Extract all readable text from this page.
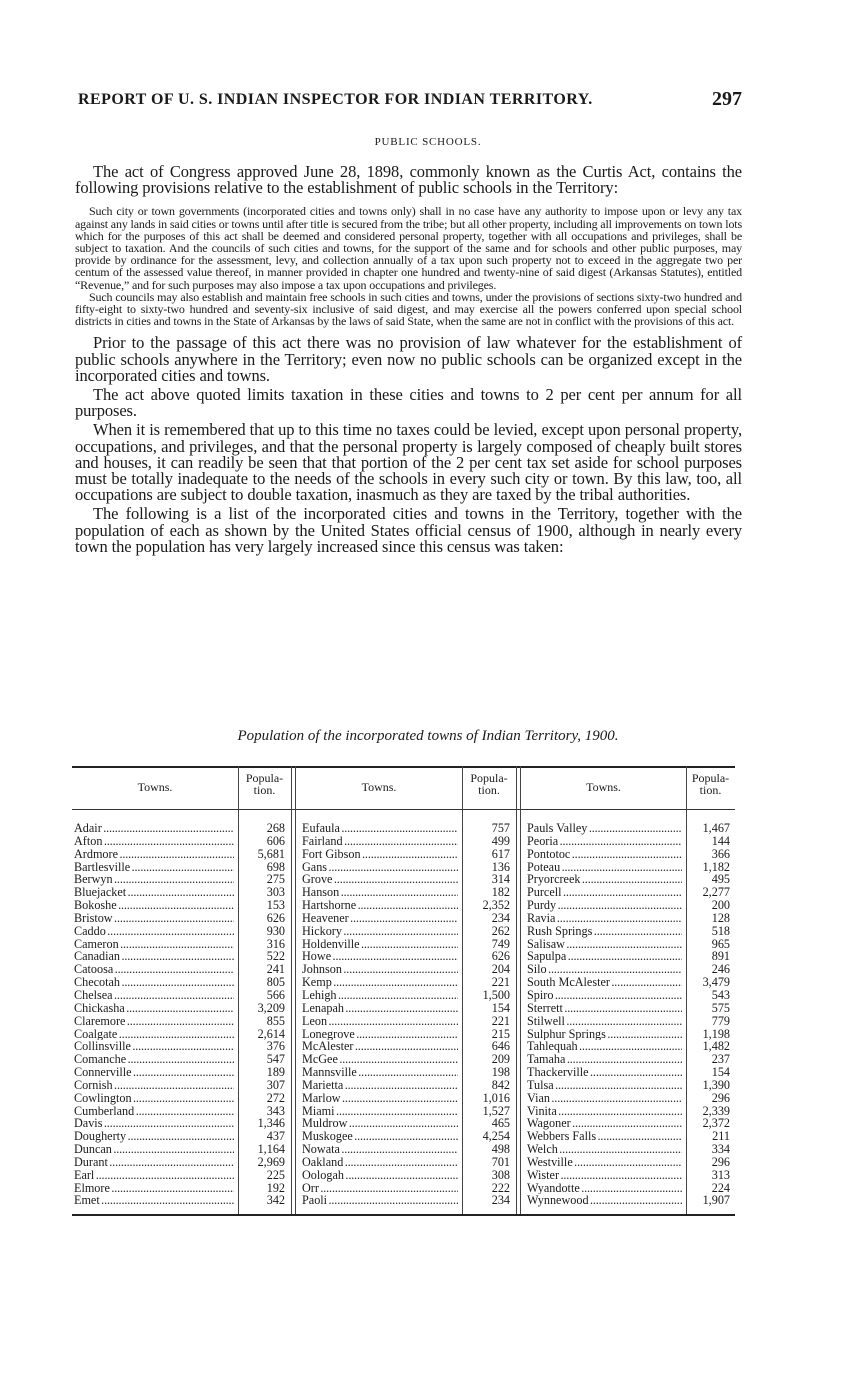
REPORT OF U. S. INDIAN INSPECTOR FOR INDIAN TERRITORY.	297
PUBLIC SCHOOLS.

The act of Congress approved June 28, 1898, commonly known as the Curtis Act, contains the following provisions relative to the establishment of public schools in the Territory:

Such city or town governments (incorporated cities and towns only) shall in no case have any authority to impose upon or levy any tax against any lands in said cities or towns until after title is secured from the tribe; but all other property, including all improvements on town lots which for the purposes of this act shall be deemed and considered personal property, together with all occupations and privileges, shall be subject to taxation. And the councils of such cities and towns, for the support of the same and for schools and other public purposes, may provide by ordinance for the assessment, levy, and collection annually of a tax upon such property not to exceed in the aggregate two per centum of the assessed value thereof, in manner provided in chapter one hundred and twenty-nine of said digest (Arkansas Statutes), entitled “Revenue,” and for such purposes may also impose a tax upon occupations and privileges.

Such councils may also establish and maintain free schools in such cities and towns, under the provisions of sections sixty-two hundred and fifty-eight to sixty-two hundred and seventy-six inclusive of said digest, and may exercise all the powers conferred upon special school districts in cities and towns in the State of Arkansas by the laws of said State, when the same are not in conflict with the provisions of this act.

Prior to the passage of this act there was no provision of law whatever for the establishment of public schools anywhere in the Territory; even now no public schools can be organized except in the incorporated cities and towns.

The act above quoted limits taxation in these cities and towns to 2 per cent per annum for all purposes.

When it is remembered that up to this time no taxes could be levied, except upon personal property, occupations, and privileges, and that the personal property is largely composed of cheaply built stores and houses, it can readily be seen that that portion of the 2 per cent tax set aside for school purposes must be totally inadequate to the needs of the schools in every such city or town. By this law, too, all occupations are subject to double taxation, inasmuch as they are taxed by the tribal authorities.

The following is a list of the incorporated cities and towns in the Territory, together with the population of each as shown by the United States official census of 1900, although in nearly every town the population has very largely increased since this census was taken:

Population of the incorporated towns of Indian Territory, 1900.
Towns.
Popula-
tion.	Towns.
Popula-
tion.	Towns.
Popula-
tion.
Adair . . .	268 Eufaula . . .	757 Pauls Valley . . .	1,467
Afton . . .	606 Fairland . . .	499 Peoria . . .	144
Ardmore . . .	5,681 Fort Gibson . . .	617 Pontotoc . . .	366
Bartlesville . . .	698 Gans . . .	136 Poteau . . .	1,182
Berwyn . . .	275 Grove . . .	314 Pryorcreek . . .	495
Bluejacket . . .	303 Hanson . . .	182 Purcell . . .	2,277
Bokoshe . . .	153 Hartshorne . . .	2,352 Purdy . . .	200
Bristow . . .	626 Heavener . . .	234 Ravia . . .	128
Caddo . . .	930 Hickory . . .	262 Rush Springs . . .	518
Cameron . . .	316 Holdenville . . .	749 Salisaw . . .	965
Canadian . . .	522 Howe . . .	626 Sapulpa . . .	891
Catoosa . . .	241 Johnson . . .	204 Silo . . .	246
Checotah . . .	805 Kemp . . .	221 South McAlester . . .	3,479
Chelsea . . .	566 Lehigh . . .	1,500 Spiro . . .	543
Chickasha . . .	3,209 Lenapah . . .	154 Sterrett . . .	575
Claremore . . .	855 Leon . . .	221 Stilwell . . .	779
Coalgate . . .	2,614 Lonegrove . . .	215 Sulphur Springs . . .	1,198
Collinsville . . .	376 McAlester . . .	646 Tahlequah . . .	1,482
Comanche . . .	547 McGee . . .	209 Tamaha . . .	237
Connerville . . .	189 Mannsville . . .	198 Thackerville . . .	154
Cornish . . .	307 Marietta . . .	842 Tulsa . . .	1,390
Cowlington . . .	272 Marlow . . .	1,016 Vian . . .	296
Cumberland . . .	343 Miami . . .	1,527 Vinita . . .	2,339
Davis . . .	1,346 Muldrow . . .	465 Wagoner . . .	2,372
Dougherty . . .	437 Muskogee . . .	4,254 Webbers Falls . . .	211
Duncan . . .	1,164 Nowata . . .	498 Welch . . .	334
Durant . . .	2,969 Oakland . . .	701 Westville . . .	296
Earl . . .	225 Oologah . . .	308 Wister . . .	313
Elmore . . .	192 Orr . . .	222 Wyandotte . . .	224
Emet . . .	342 Paoli . . .	234 Wynnewood . . .	1,907
